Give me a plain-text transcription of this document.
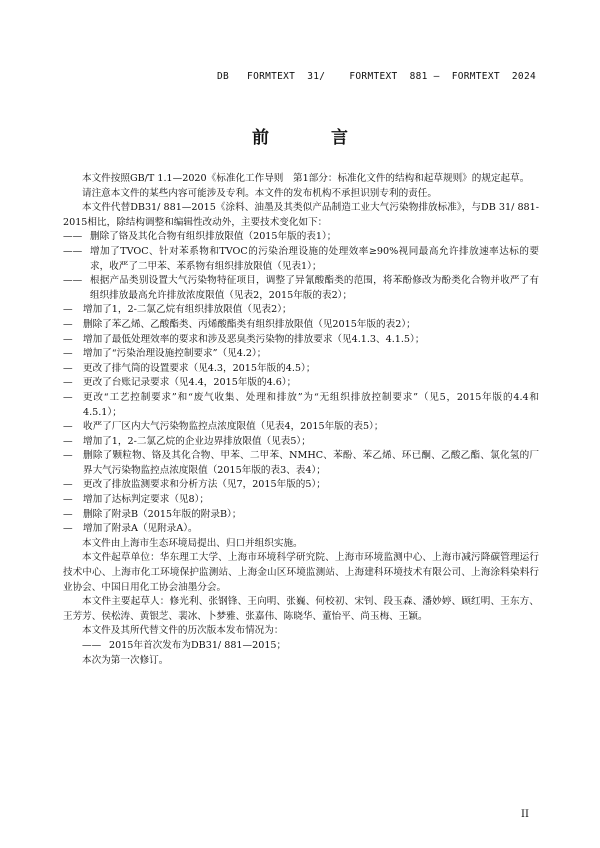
DB   FORMTEXT  31/    FORMTEXT  881 —  FORMTEXT  2024
前 言

本文件按照GB/T 1.1—2020《标准化工作导则　第1部分：标准化文件的结构和起草规则》的规定起草。

请注意本文件的某些内容可能涉及专利。本文件的发布机构不承担识别专利的责任。

本文件代替DB31/ 881—2015《涂料、油墨及其类似产品制造工业大气污染物排放标准》，与DB 31/ 881-2015相比，除结构调整和编辑性改动外，主要技术变化如下：

—— 删除了铬及其化合物有组织排放限值（2015年版的表1）；
—— 增加了TVOC、针对苯系物和TVOC的污染治理设施的处理效率≥90%视同最高允许排放速率达标的要求，收严了二甲苯、苯系物有组织排放限值（见表1）；
—— 根据产品类别设置大气污染物特征项目，调整了异氰酸酯类的范围，将苯酚修改为酚类化合物并收严了有组织排放最高允许排放浓度限值（见表2，2015年版的表2）；
—	增加了1，2-二氯乙烷有组织排放限值（见表2）；
—	删除了苯乙烯、乙酸酯类、丙烯酸酯类有组织排放限值（见2015年版的表2）；
—	增加了最低处理效率的要求和涉及恶臭类污染物的排放要求（见4.1.3、4.1.5）；
—	增加了“污染治理设施控制要求”（见4.2）；
—	更改了排气筒的设置要求（见4.3，2015年版的4.5）；
—	更改了台账记录要求（见4.4，2015年版的4.6）；
—	更改“工艺控制要求”和“废气收集、处理和排放”为“无组织排放控制要求”（见5，2015年版的4.4和4.5.1）；
—	收严了厂区内大气污染物监控点浓度限值（见表4，2015年版的表5）；
—	增加了1，2-二氯乙烷的企业边界排放限值（见表5）；
—	删除了颗粒物、铬及其化合物、甲苯、二甲苯、NMHC、苯酚、苯乙烯、环已酮、乙酸乙酯、氯化氢的厂界大气污染物监控点浓度限值（2015年版的表3、表4）；
—	更改了排放监测要求和分析方法（见7，2015年版的5）；
—	增加了达标判定要求（见8）；
—	删除了附录B（2015年版的附录B）；
—	增加了附录A（见附录A）。

本文件由上海市生态环境局提出、归口并组织实施。

本文件起草单位：华东理工大学、上海市环境科学研究院、上海市环境监测中心、上海市减污降碳管理运行技术中心、上海市化工环境保护监测站、上海金山区环境监测站、上海建科环境技术有限公司、上海涂料染料行业协会、中国日用化工协会油墨分会。

本文件主要起草人：修光利、张钢锋、王向明、张巍、何校初、宋钊、段玉森、潘妙婷、顾红明、王东方、王芳芳、侯松涛、黄银芝、裴冰、卜梦雅、张嘉伟、陈晓华、董怡平、尚玉梅、王颖。

本文件及其所代替文件的历次版本发布情况为：

—— 2015年首次发布为DB31/ 881—2015；

本次为第一次修订。

II
